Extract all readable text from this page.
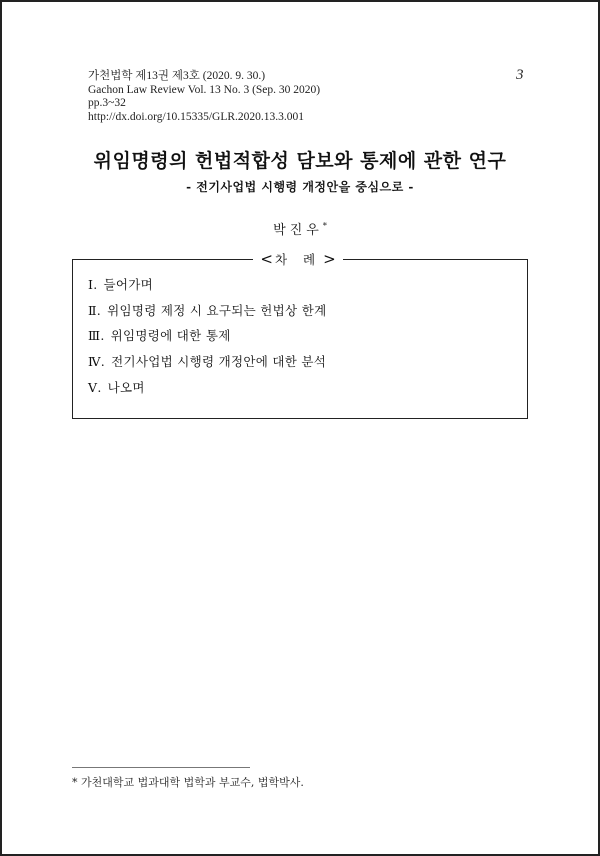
가천법학 제13권 제3호 (2020. 9. 30.)
Gachon Law Review Vol. 13 No. 3 (Sep. 30 2020)
pp.3~32
http://dx.doi.org/10.15335/GLR.2020.13.3.001
3
위임명령의 헌법적합성 담보와 통제에 관한 연구
- 전기사업법 시행령 개정안을 중심으로 -
박진우*
< 차 례 >
Ⅰ. 들어가며
Ⅱ. 위임명령 제정 시 요구되는 헌법상 한계
Ⅲ. 위임명령에 대한 통제
Ⅳ. 전기사업법 시행령 개정안에 대한 분석
Ⅴ. 나오며
* 가천대학교 법과대학 법학과 부교수, 법학박사.
